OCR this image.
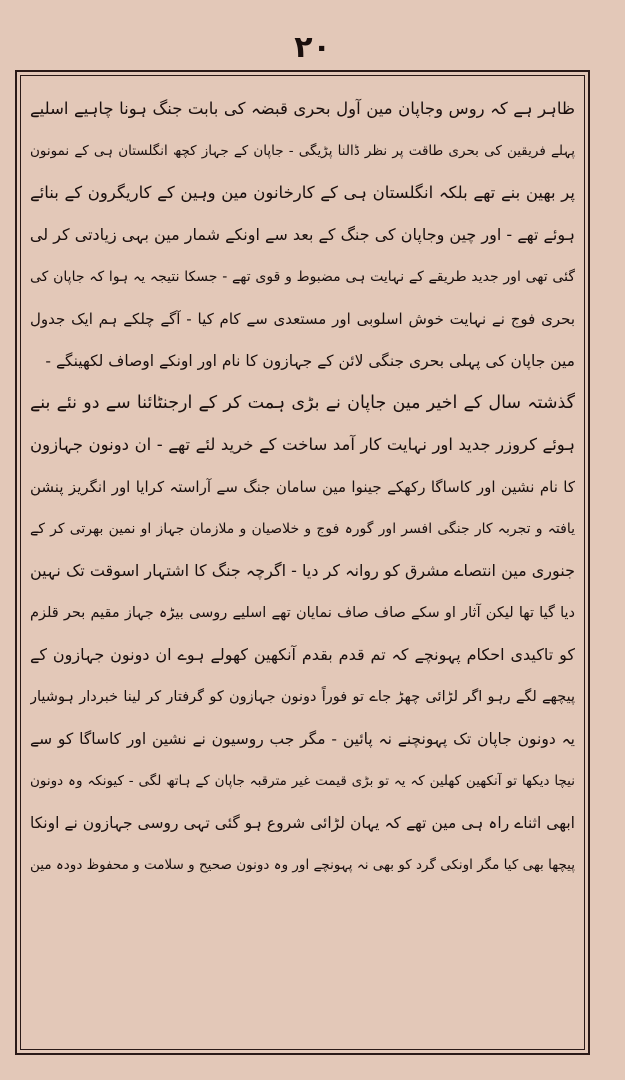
۲۰
ظاہر ہے کہ روس وجاپان مین آول بحری قبضہ کی بابت جنگ ہونا چاہیے اسلیے
پہلے فریقین کی بحری طاقت پر نظر ڈالنا پڑیگی - جاپان کے جہاز کچھ انگلستان ہی کے نمونون
پر بھین بنے تھے بلکہ انگلستان ہی کے کارخانون مین وہین کے کاریگرون کے بنائے
ہوئے تھے - اور چین وجاپان کی جنگ کے بعد سے اونکے شمار مین بہی زیادتی کر لی
گئی تھی اور جدید طریقے کے نہایت ہی مضبوط و قوی تھے - جسکا نتیجہ یہ ہوا کہ جاپان کی
بحری فوج نے نہایت خوش اسلوبی اور مستعدی سے کام کیا - آگے چلکے ہم ایک جدول
مین جاپان کی پہلی بحری جنگی لائن کے جہازون کا نام اور اونکے اوصاف لکھینگے -
گذشتہ سال کے اخیر مین جاپان نے بڑی ہمت کر کے ارجنٹائنا سے دو نئے بنے
ہوئے کروزر جدید اور نہایت کار آمد ساخت کے خرید لئے تھے - ان دونون جہازون
کا نام نشین اور کاساگا رکھکے جینوا مین سامان جنگ سے آراستہ کرایا اور انگریز پنشن
یافتہ و تجربہ کار جنگی افسر اور گورہ فوج و خلاصیان و ملازمان جہاز او نمین بھرتی کر کے
جنوری مین انتصاے مشرق کو روانہ کر دیا - اگرچہ جنگ کا اشتہار اسوقت تک نہین
دیا گیا تھا لیکن آثار او سکے صاف صاف نمایان تھے اسلیے روسی بیڑہ جہاز مقیم بحر قلزم
کو تاکیدی احکام پہونچے کہ تم قدم بقدم آنکھین کھولے ہوے ان دونون جہازون کے
پیچھے لگے رہو اگر لڑائی چھڑ جاے تو فوراً دونون جہازون کو گرفتار کر لینا خبردار ہوشیار
یہ دونون جاپان تک پہونچنے نہ پائین - مگر جب روسیون نے نشین اور کاساگا کو سے
نیچا دیکھا تو آنکھین کھلین کہ یہ تو بڑی قیمت غیر مترقبہ جاپان کے ہاتھ لگی - کیونکہ وہ دونون
ابھی اثناے راہ ہی مین تھے کہ یہان لڑائی شروع ہو گئی تہی روسی جہازون نے اونکا
پیچھا بھی کیا مگر اونکی گرد کو بھی نہ پہونچے اور وہ دونون صحیح و سلامت و محفوظ دودہ مین
